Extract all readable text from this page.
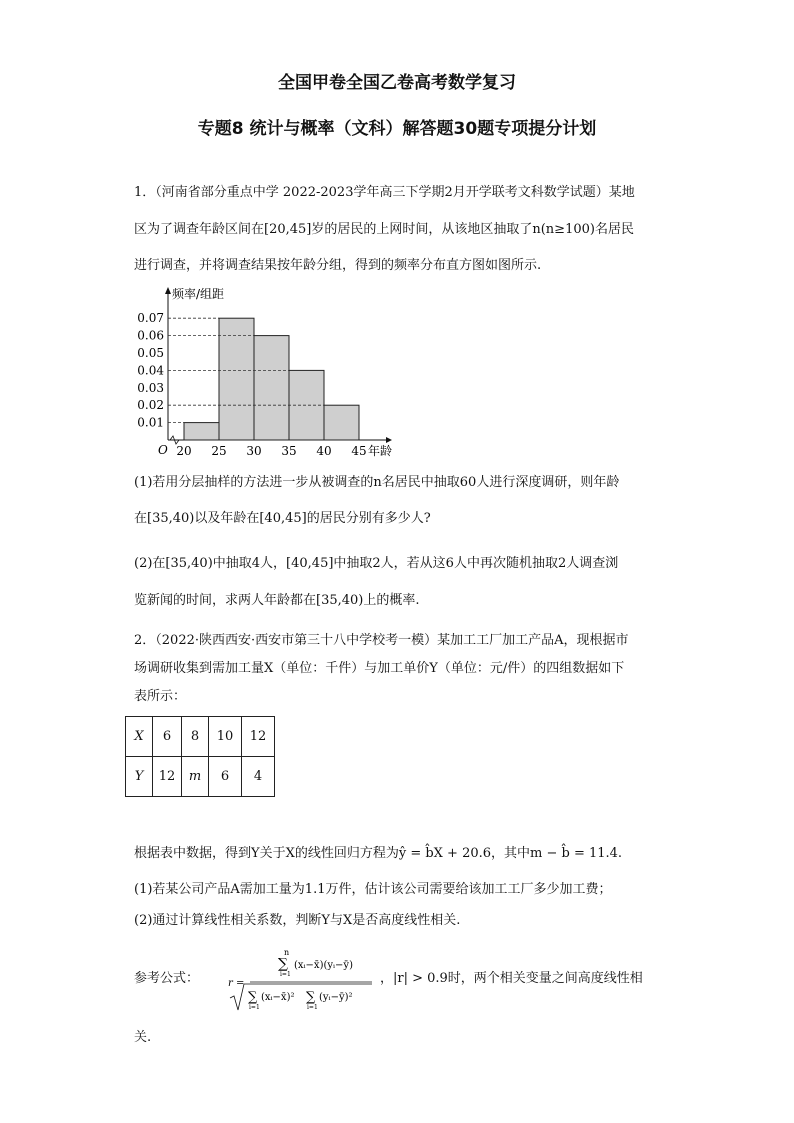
全国甲卷全国乙卷高考数学复习
专题8 统计与概率（文科）解答题30题专项提分计划
1．（河南省部分重点中学 2022-2023学年高三下学期2月开学联考文科数学试题）某地
区为了调查年龄区间在[20,45]岁的居民的上网时间，从该地区抽取了n(n≥100)名居民
进行调查，并将调查结果按年龄分组，得到的频率分布直方图如图所示.
0.01
0.02
0.03
0.04
0.05
0.06
0.07
20 25 30 35 40 45
O
频率/组距
年龄
(1)若用分层抽样的方法进一步从被调查的n名居民中抽取60人进行深度调研，则年龄
在[35,40)以及年龄在[40,45]的居民分别有多少人?
(2)在[35,40)中抽取4人，[40,45]中抽取2人，若从这6人中再次随机抽取2人调查浏
览新闻的时间，求两人年龄都在[35,40)上的概率.
2．（2022·陕西西安·西安市第三十八中学校考一模）某加工工厂加工产品A，现根据市
场调研收集到需加工量X（单位：千件）与加工单价Y（单位：元/件）的四组数据如下
表所示：
X	6	8	10	12
Y	12	m	6	4
根据表中数据，得到Y关于X的线性回归方程为ŷ = b̂X + 20.6，其中m − b̂ = 11.4.
(1)若某公司产品A需加工量为1.1万件，估计该公司需要给该加工工厂多少加工费；
(2)通过计算线性相关系数，判断Y与X是否高度线性相关.
参考公式：	r =
n
∑
i=1
(xᵢ−x̄)(yᵢ−ȳ)
∑
i=1
(xᵢ−x̄)² ∑
i=1
(yᵢ−ȳ)²
，|r| > 0.9时，两个相关变量之间高度线性相
关.
